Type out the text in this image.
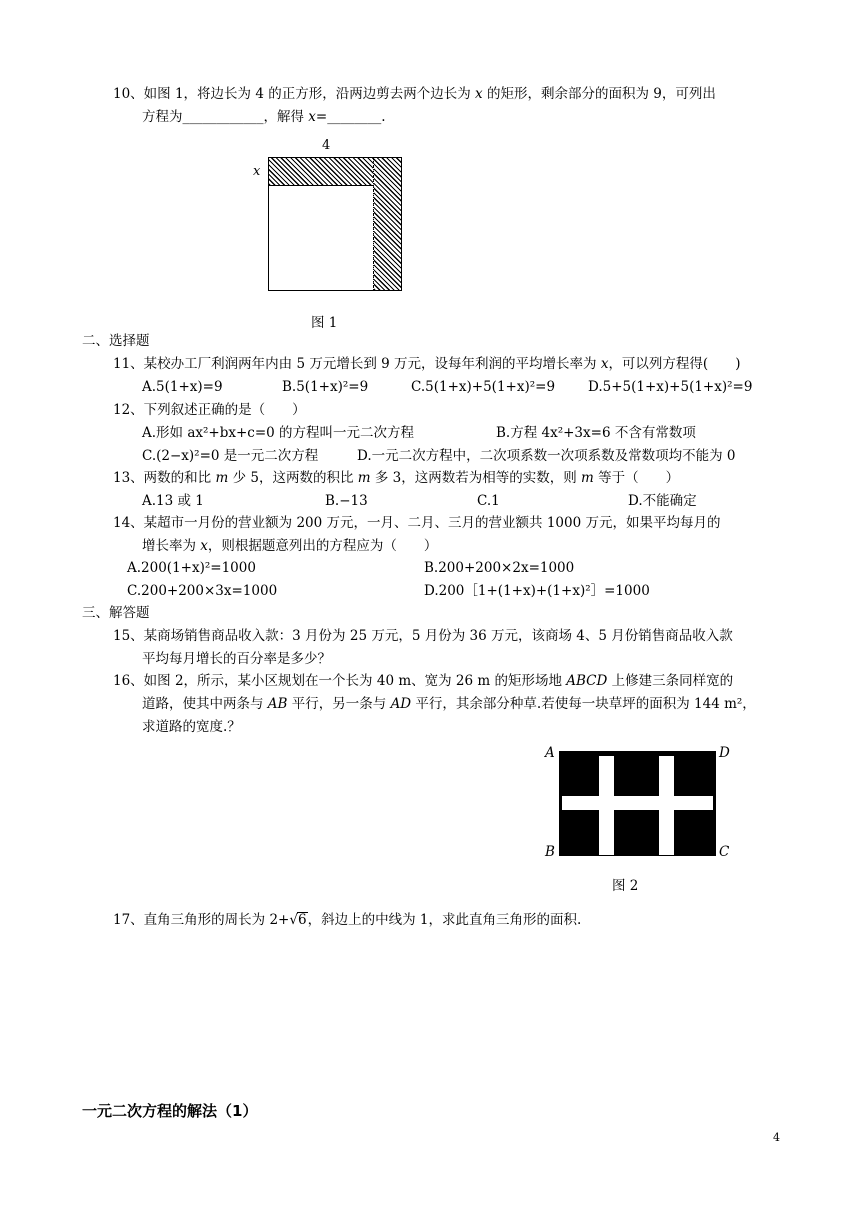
10、如图 1，将边长为 4 的正方形，沿两边剪去两个边长为 x 的矩形，剩余部分的面积为 9，可列出
方程为____________，解得 x=________.
4
x
图 1
二、选择题
11、某校办工厂利润两年内由 5 万元增长到 9 万元，设每年利润的平均增长率为 x，可以列方程得(　　)
A.5(1+x)=9	B.5(1+x)²=9	C.5(1+x)+5(1+x)²=9 D.5+5(1+x)+5(1+x)²=9
12、下列叙述正确的是（　　）
A.形如 ax²+bx+c=0 的方程叫一元二次方程	B.方程 4x²+3x=6 不含有常数项
C.(2−x)²=0 是一元二次方程	D.一元二次方程中，二次项系数一次项系数及常数项均不能为 0
13、两数的和比 m 少 5，这两数的积比 m 多 3，这两数若为相等的实数，则 m 等于（　　）
A.13 或 1	B.−13	C.1	D.不能确定
14、某超市一月份的营业额为 200 万元，一月、二月、三月的营业额共 1000 万元，如果平均每月的
增长率为 x，则根据题意列出的方程应为（　　）
A.200(1+x)²=1000	B.200+200×2x=1000
C.200+200×3x=1000	D.200［1+(1+x)+(1+x)²］=1000
三、解答题
15、某商场销售商品收入款：3 月份为 25 万元，5 月份为 36 万元，该商场 4、5 月份销售商品收入款
平均每月增长的百分率是多少？
16、如图 2，所示，某小区规划在一个长为 40 m、宽为 26 m 的矩形场地 ABCD 上修建三条同样宽的
道路，使其中两条与 AB 平行，另一条与 AD 平行，其余部分种草.若使每一块草坪的面积为 144 m²，
求道路的宽度.？
A	D
B	C
图 2
17、直角三角形的周长为 2+√6，斜边上的中线为 1，求此直角三角形的面积.
一元二次方程的解法（1）
4
